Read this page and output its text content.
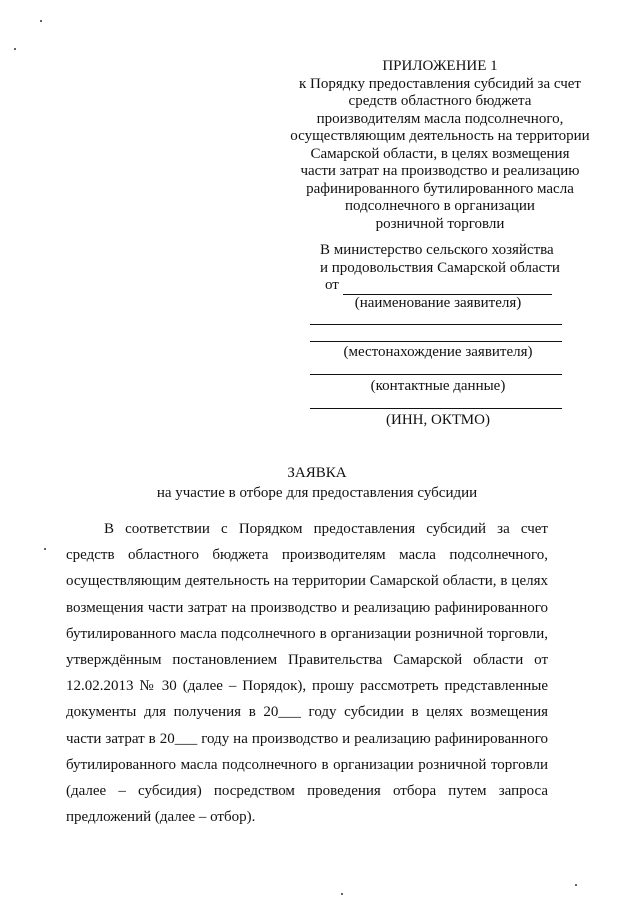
ПРИЛОЖЕНИЕ 1
к Порядку предоставления субсидий за счет
средств областного бюджета
производителям масла подсолнечного,
осуществляющим деятельность на территории
Самарской области, в целях возмещения
части затрат на производство и реализацию
рафинированного бутилированного масла
подсолнечного в организации
розничной торговли
В министерство сельского хозяйства
и продовольствия Самарской области
от
(наименование заявителя)
(местонахождение заявителя)
(контактные данные)
(ИНН, ОКТМО)
ЗАЯВКА
на участие в отборе для предоставления субсидии
В соответствии с Порядком предоставления субсидий за счет средств областного бюджета производителям масла подсолнечного, осуществляющим деятельность на территории Самарской области, в целях возмещения части затрат на производство и реализацию рафинированного бутилированного масла подсолнечного в организации розничной торговли, утверждённым постановлением Правительства Самарской области от 12.02.2013 № 30 (далее – Порядок), прошу рассмотреть представленные документы для получения в 20___ году субсидии в целях возмещения части затрат в 20___ году на производство и реализацию рафинированного бутилированного масла подсолнечного в организации розничной торговли (далее – субсидия) посредством проведения отбора путем запроса предложений (далее – отбор).
